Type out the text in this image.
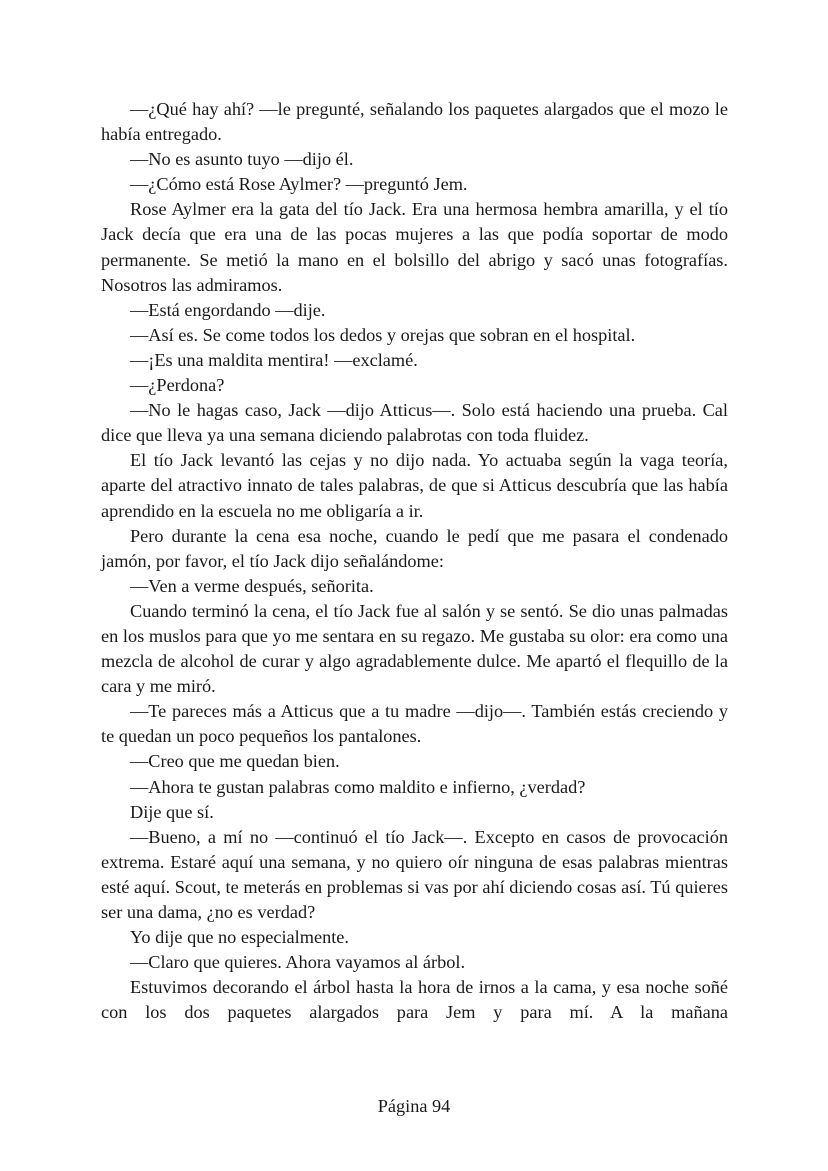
—¿Qué hay ahí? —le pregunté, señalando los paquetes alargados que el mozo le había entregado.

—No es asunto tuyo —dijo él.

—¿Cómo está Rose Aylmer? —preguntó Jem.

Rose Aylmer era la gata del tío Jack. Era una hermosa hembra amarilla, y el tío Jack decía que era una de las pocas mujeres a las que podía soportar de modo permanente. Se metió la mano en el bolsillo del abrigo y sacó unas fotografías. Nosotros las admiramos.

—Está engordando —dije.

—Así es. Se come todos los dedos y orejas que sobran en el hospital.

—¡Es una maldita mentira! —exclamé.

—¿Perdona?

—No le hagas caso, Jack —dijo Atticus—. Solo está haciendo una prueba. Cal dice que lleva ya una semana diciendo palabrotas con toda fluidez.

El tío Jack levantó las cejas y no dijo nada. Yo actuaba según la vaga teoría, aparte del atractivo innato de tales palabras, de que si Atticus descubría que las había aprendido en la escuela no me obligaría a ir.

Pero durante la cena esa noche, cuando le pedí que me pasara el condenado jamón, por favor, el tío Jack dijo señalándome:

—Ven a verme después, señorita.

Cuando terminó la cena, el tío Jack fue al salón y se sentó. Se dio unas palmadas en los muslos para que yo me sentara en su regazo. Me gustaba su olor: era como una mezcla de alcohol de curar y algo agradablemente dulce. Me apartó el flequillo de la cara y me miró.

—Te pareces más a Atticus que a tu madre —dijo—. También estás creciendo y te quedan un poco pequeños los pantalones.

—Creo que me quedan bien.

—Ahora te gustan palabras como maldito e infierno, ¿verdad?

Dije que sí.

—Bueno, a mí no —continuó el tío Jack—. Excepto en casos de provocación extrema. Estaré aquí una semana, y no quiero oír ninguna de esas palabras mientras esté aquí. Scout, te meterás en problemas si vas por ahí diciendo cosas así. Tú quieres ser una dama, ¿no es verdad?

Yo dije que no especialmente.

—Claro que quieres. Ahora vayamos al árbol.

Estuvimos decorando el árbol hasta la hora de irnos a la cama, y esa noche soñé con los dos paquetes alargados para Jem y para mí. A la mañana

Página 94
